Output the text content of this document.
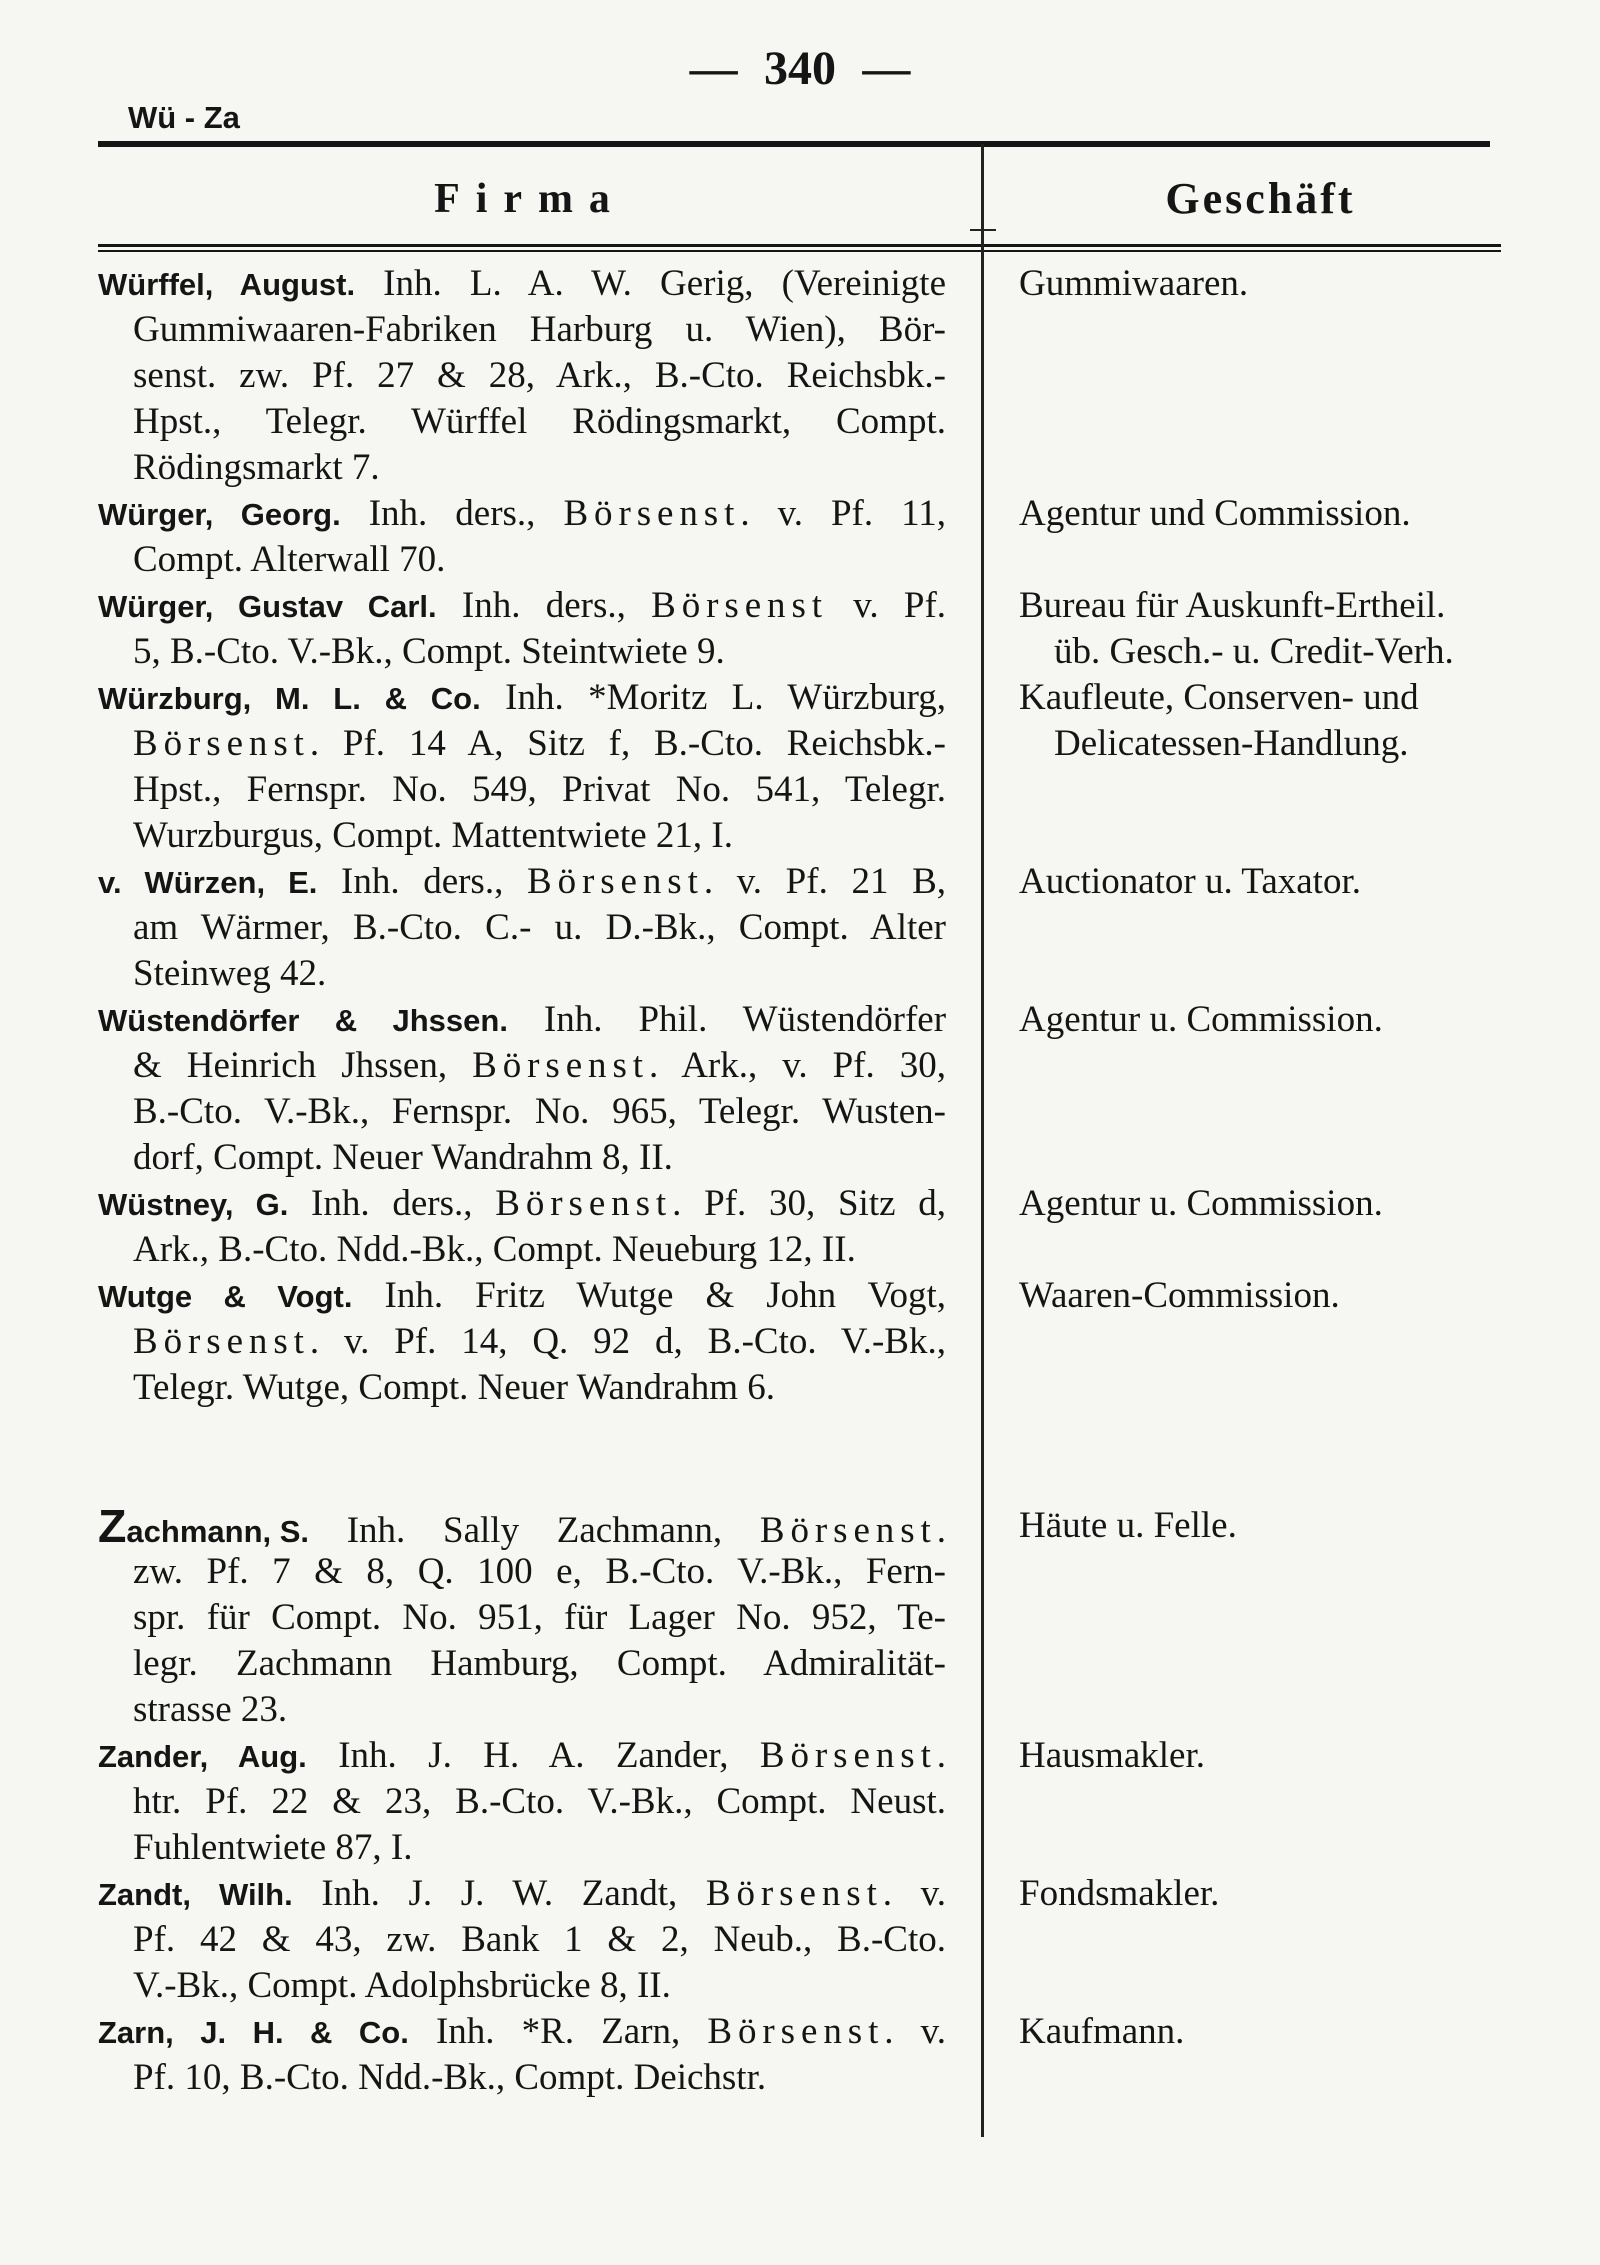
— 340 —
Wü - Za
Firma	Geschäft
Würffel, August. Inh. L. A. W. Gerig, (Vereinigte
Gummiwaaren-Fabriken Harburg u. Wien), Bör-
senst. zw. Pf. 27 & 28, Ark., B.-Cto. Reichsbk.-
Hpst., Telegr. Würffel Rödingsmarkt, Compt.
Rödingsmarkt 7.
Gummiwaaren.
Würger, Georg. Inh. ders., Börsenst. v. Pf. 11,
Compt. Alterwall 70.
Agentur und Commission.
Würger, Gustav Carl. Inh. ders., Börsenst v. Pf.
5, B.-Cto. V.-Bk., Compt. Steintwiete 9.
Bureau für Auskunft-Ertheil.
üb. Gesch.- u. Credit-Verh.
Würzburg, M. L. & Co. Inh. *Moritz L. Würzburg,
Börsenst. Pf. 14 A, Sitz f, B.-Cto. Reichsbk.-
Hpst., Fernspr. No. 549, Privat No. 541, Telegr.
Wurzburgus, Compt. Mattentwiete 21, I.
Kaufleute, Conserven- und
Delicatessen-Handlung.
v. Würzen, E. Inh. ders., Börsenst. v. Pf. 21 B,
am Wärmer, B.-Cto. C.- u. D.-Bk., Compt. Alter
Steinweg 42.
Auctionator u. Taxator.
Wüstendörfer & Jhssen. Inh. Phil. Wüstendörfer
& Heinrich Jhssen, Börsenst. Ark., v. Pf. 30,
B.-Cto. V.-Bk., Fernspr. No. 965, Telegr. Wusten-
dorf, Compt. Neuer Wandrahm 8, II.
Agentur u. Commission.
Wüstney, G. Inh. ders., Börsenst. Pf. 30, Sitz d,
Ark., B.-Cto. Ndd.-Bk., Compt. Neueburg 12, II.
Agentur u. Commission.
Wutge & Vogt. Inh. Fritz Wutge & John Vogt,
Börsenst. v. Pf. 14, Q. 92 d, B.-Cto. V.-Bk.,
Telegr. Wutge, Compt. Neuer Wandrahm 6.
Waaren-Commission.
Zachmann, S. Inh. Sally Zachmann, Börsenst.
zw. Pf. 7 & 8, Q. 100 e, B.-Cto. V.-Bk., Fern-
spr. für Compt. No. 951, für Lager No. 952, Te-
legr. Zachmann Hamburg, Compt. Admiralität-
strasse 23.
Häute u. Felle.
Zander, Aug. Inh. J. H. A. Zander, Börsenst.
htr. Pf. 22 & 23, B.-Cto. V.-Bk., Compt. Neust.
Fuhlentwiete 87, I.
Hausmakler.
Zandt, Wilh. Inh. J. J. W. Zandt, Börsenst. v.
Pf. 42 & 43, zw. Bank 1 & 2, Neub., B.-Cto.
V.-Bk., Compt. Adolphsbrücke 8, II.
Fondsmakler.
Zarn, J. H. & Co. Inh. *R. Zarn, Börsenst. v.
Pf. 10, B.-Cto. Ndd.-Bk., Compt. Deichstr.
Kaufmann.
